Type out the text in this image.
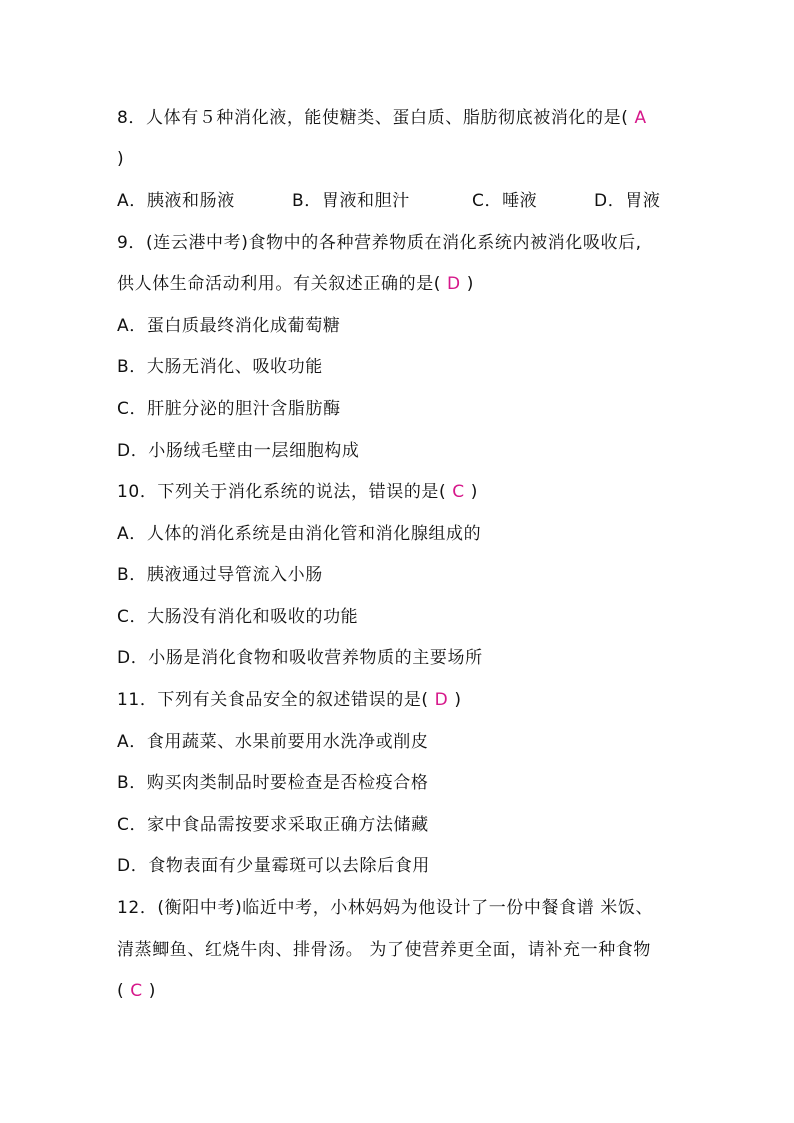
8．人体有５种消化液，能使糖类、蛋白质、脂肪彻底被消化的是( A
)
A．胰液和肠液	B．胃液和胆汁	C．唾液	D．胃液
9．(连云港中考)食物中的各种营养物质在消化系统内被消化吸收后,
供人体生命活动利用。有关叙述正确的是( D )
A．蛋白质最终消化成葡萄糖
B．大肠无消化、吸收功能
C．肝脏分泌的胆汁含脂肪酶
D．小肠绒毛壁由一层细胞构成
10．下列关于消化系统的说法，错误的是( C )
A．人体的消化系统是由消化管和消化腺组成的
B．胰液通过导管流入小肠
C．大肠没有消化和吸收的功能
D．小肠是消化食物和吸收营养物质的主要场所
11．下列有关食品安全的叙述错误的是( D )
A．食用蔬菜、水果前要用水洗净或削皮
B．购买肉类制品时要检查是否检疫合格
C．家中食品需按要求采取正确方法储藏
D．食物表面有少量霉斑可以去除后食用
12．(衡阳中考)临近中考，小林妈妈为他设计了一份中餐食谱 米饭、
清蒸鲫鱼、红烧牛肉、排骨汤。 为了使营养更全面，请补充一种食物
( C )
